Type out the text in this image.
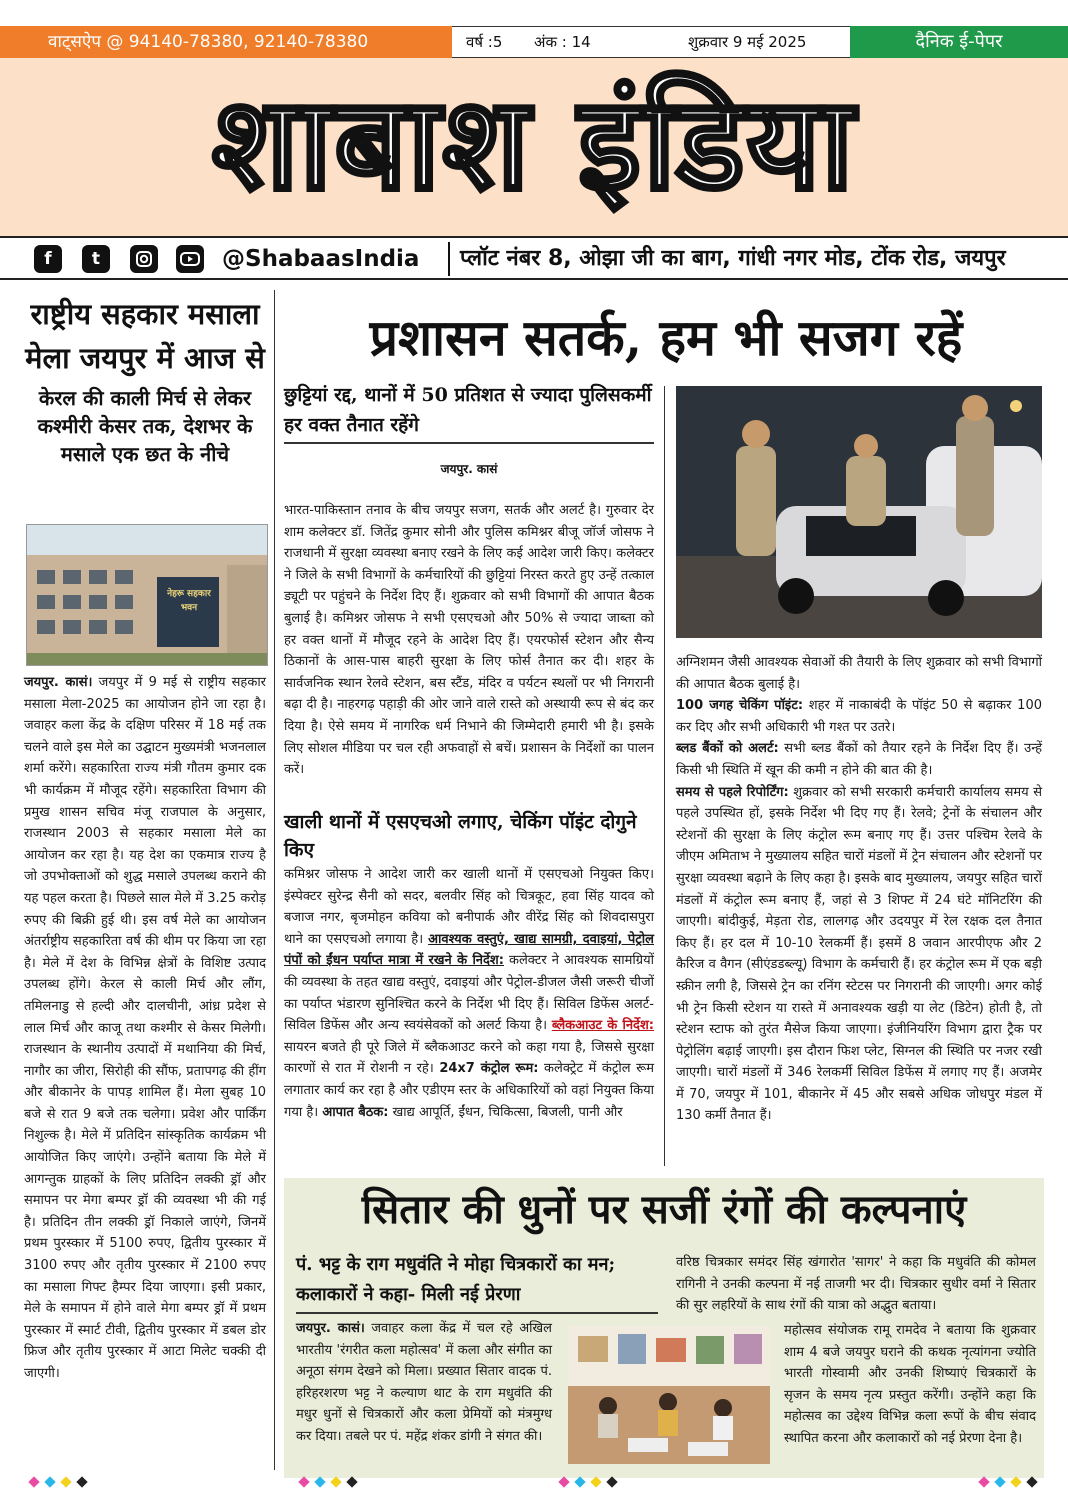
वाट्सऐप @ 94140-78380, 92140-78380	वर्ष :5 अंक : 14	शुक्रवार 9 मई 2025	दैनिक ई-पेपर
शाबाश इंडिया
f	t	@ShabaasIndia	प्लॉट नंबर 8, ओझा जी का बाग, गांधी नगर मोड, टोंक रोड, जयपुर
राष्ट्रीय सहकार मसाला मेला जयपुर में आज से
केरल की काली मिर्च से लेकर कश्मीरी केसर तक, देशभर के मसाले एक छत के नीचे
नेहरू सहकार भवन
जयपुर. कासं। जयपुर में 9 मई से राष्ट्रीय सहकार मसाला मेला-2025 का आयोजन होने जा रहा है। जवाहर कला केंद्र के दक्षिण परिसर में 18 मई तक चलने वाले इस मेले का उद्घाटन मुख्यमंत्री भजनलाल शर्मा करेंगे। सहकारिता राज्य मंत्री गौतम कुमार दक भी कार्यक्रम में मौजूद रहेंगे। सहकारिता विभाग की प्रमुख शासन सचिव मंजू राजपाल के अनुसार, राजस्थान 2003 से सहकार मसाला मेले का आयोजन कर रहा है। यह देश का एकमात्र राज्य है जो उपभोक्ताओं को शुद्ध मसाले उपलब्ध कराने की यह पहल करता है। पिछले साल मेले में 3.25 करोड़ रुपए की बिक्री हुई थी। इस वर्ष मेले का आयोजन अंतर्राष्ट्रीय सहकारिता वर्ष की थीम पर किया जा रहा है। मेले में देश के विभिन्न क्षेत्रों के विशिष्ट उत्पाद उपलब्ध होंगे। केरल से काली मिर्च और लौंग, तमिलनाडु से हल्दी और दालचीनी, आंध्र प्रदेश से लाल मिर्च और काजू तथा कश्मीर से केसर मिलेगी। राजस्थान के स्थानीय उत्पादों में मथानिया की मिर्च, नागौर का जीरा, सिरोही की सौंफ, प्रतापगढ़ की हींग और बीकानेर के पापड़ शामिल हैं। मेला सुबह 10 बजे से रात 9 बजे तक चलेगा। प्रवेश और पार्किंग निशुल्क है। मेले में प्रतिदिन सांस्कृतिक कार्यक्रम भी आयोजित किए जाएंगे। उन्होंने बताया कि मेले में आगन्तुक ग्राहकों के लिए प्रतिदिन लक्की ड्रॉ और समापन पर मेगा बम्पर ड्रॉ की व्यवस्था भी की गई है। प्रतिदिन तीन लक्की ड्रॉ निकाले जाएंगे, जिनमें प्रथम पुरस्कार में 5100 रुपए, द्वितीय पुरस्कार में 3100 रुपए और तृतीय पुरस्कार में 2100 रुपए का मसाला गिफ्ट हैम्पर दिया जाएगा। इसी प्रकार, मेले के समापन में होने वाले मेगा बम्पर ड्रॉ में प्रथम पुरस्कार में स्मार्ट टीवी, द्वितीय पुरस्कार में डबल डोर फ्रिज और तृतीय पुरस्कार में आटा मिलेट चक्की दी जाएगी।
प्रशासन सतर्क, हम भी सजग रहें
छुट्टियां रद्द, थानों में 50 प्रतिशत से ज्यादा पुलिसकर्मी हर वक्त तैनात रहेंगे
जयपुर. कासं
भारत-पाकिस्तान तनाव के बीच जयपुर सजग, सतर्क और अलर्ट है। गुरुवार देर शाम कलेक्टर डॉ. जितेंद्र कुमार सोनी और पुलिस कमिश्नर बीजू जॉर्ज जोसफ ने राजधानी में सुरक्षा व्यवस्था बनाए रखने के लिए कई आदेश जारी किए। कलेक्टर ने जिले के सभी विभागों के कर्मचारियों की छुट्टियां निरस्त करते हुए उन्हें तत्काल ड्यूटी पर पहुंचने के निर्देश दिए हैं। शुक्रवार को सभी विभागों की आपात बैठक बुलाई है। कमिश्नर जोसफ ने सभी एसएचओ और 50% से ज्यादा जाब्ता को हर वक्त थानों में मौजूद रहने के आदेश दिए हैं। एयरफोर्स स्टेशन और सैन्य ठिकानों के आस-पास बाहरी सुरक्षा के लिए फोर्स तैनात कर दी। शहर के सार्वजनिक स्थान रेलवे स्टेशन, बस स्टैंड, मंदिर व पर्यटन स्थलों पर भी निगरानी बढ़ा दी है। नाहरगढ़ पहाड़ी की ओर जाने वाले रास्ते को अस्थायी रूप से बंद कर दिया है। ऐसे समय में नागरिक धर्म निभाने की जिम्मेदारी हमारी भी है। इसके लिए सोशल मीडिया पर चल रही अफवाहों से बचें। प्रशासन के निर्देशों का पालन करें।
खाली थानों में एसएचओ लगाए, चेकिंग पॉइंट दोगुने किए
कमिश्नर जोसफ ने आदेश जारी कर खाली थानों में एसएचओ नियुक्त किए। इंस्पेक्टर सुरेन्द्र सैनी को सदर, बलवीर सिंह को चित्रकूट, हवा सिंह यादव को बजाज नगर, बृजमोहन कविया को बनीपार्क और वीरेंद्र सिंह को शिवदासपुरा थाने का एसएचओ लगाया है। आवश्यक वस्तुएं, खाद्य सामग्री, दवाइयां, पेट्रोल पंपों को ईंधन पर्याप्त मात्रा में रखने के निर्देश: कलेक्टर ने आवश्यक सामग्रियों की व्यवस्था के तहत खाद्य वस्तुएं, दवाइयां और पेट्रोल-डीजल जैसी जरूरी चीजों का पर्याप्त भंडारण सुनिश्चित करने के निर्देश भी दिए हैं। सिविल डिफेंस अलर्ट- सिविल डिफेंस और अन्य स्वयंसेवकों को अलर्ट किया है। ब्लैकआउट के निर्देश: सायरन बजते ही पूरे जिले में ब्लैकआउट करने को कहा गया है, जिससे सुरक्षा कारणों से रात में रोशनी न रहे। 24x7 कंट्रोल रूम: कलेक्ट्रेट में कंट्रोल रूम लगातार कार्य कर रहा है और एडीएम स्तर के अधिकारियों को वहां नियुक्त किया गया है। आपात बैठक: खाद्य आपूर्ति, ईंधन, चिकित्सा, बिजली, पानी और
अग्निशमन जैसी आवश्यक सेवाओं की तैयारी के लिए शुक्रवार को सभी विभागों की आपात बैठक बुलाई है।
100 जगह चेकिंग पॉइंट: शहर में नाकाबंदी के पॉइंट 50 से बढ़ाकर 100 कर दिए और सभी अधिकारी भी गश्त पर उतरे।
ब्लड बैंकों को अलर्ट: सभी ब्लड बैंकों को तैयार रहने के निर्देश दिए हैं। उन्हें किसी भी स्थिति में खून की कमी न होने की बात की है।
समय से पहले रिपोर्टिंग: शुक्रवार को सभी सरकारी कर्मचारी कार्यालय समय से पहले उपस्थित हों, इसके निर्देश भी दिए गए हैं। रेलवे; ट्रेनों के संचालन और स्टेशनों की सुरक्षा के लिए कंट्रोल रूम बनाए गए हैं। उत्तर पश्चिम रेलवे के जीएम अमिताभ ने मुख्यालय सहित चारों मंडलों में ट्रेन संचालन और स्टेशनों पर सुरक्षा व्यवस्था बढ़ाने के लिए कहा है। इसके बाद मुख्यालय, जयपुर सहित चारों मंडलों में कंट्रोल रूम बनाए हैं, जहां से 3 शिफ्ट में 24 घंटे मॉनिटरिंग की जाएगी। बांदीकुई, मेड़ता रोड, लालगढ़ और उदयपुर में रेल रक्षक दल तैनात किए हैं। हर दल में 10-10 रेलकर्मी हैं। इसमें 8 जवान आरपीएफ और 2 कैरिज व वैगन (सीएंडडब्ल्यू) विभाग के कर्मचारी हैं। हर कंट्रोल रूम में एक बड़ी स्क्रीन लगी है, जिससे ट्रेन का रनिंग स्टेटस पर निगरानी की जाएगी। अगर कोई भी ट्रेन किसी स्टेशन या रास्ते में अनावश्यक खड़ी या लेट (डिटेन) होती है, तो स्टेशन स्टाफ को तुरंत मैसेज किया जाएगा। इंजीनियरिंग विभाग द्वारा ट्रैक पर पेट्रोलिंग बढ़ाई जाएगी। इस दौरान फिश प्लेट, सिग्नल की स्थिति पर नजर रखी जाएगी। चारों मंडलों में 346 रेलकर्मी सिविल डिफेंस में लगाए गए हैं। अजमेर में 70, जयपुर में 101, बीकानेर में 45 और सबसे अधिक जोधपुर मंडल में 130 कर्मी तैनात हैं।
सितार की धुनों पर सजीं रंगों की कल्पनाएं
पं. भट्ट के राग मधुवंति ने मोहा चित्रकारों का मन; कलाकारों ने कहा- मिली नई प्रेरणा
जयपुर. कासं। जवाहर कला केंद्र में चल रहे अखिल भारतीय 'रंगरीत कला महोत्सव' में कला और संगीत का अनूठा संगम देखने को मिला। प्रख्यात सितार वादक पं. हरिहरशरण भट्ट ने कल्याण थाट के राग मधुवंति की मधुर धुनों से चित्रकारों और कला प्रेमियों को मंत्रमुग्ध कर दिया। तबले पर पं. महेंद्र शंकर डांगी ने संगत की।
वरिष्ठ चित्रकार समंदर सिंह खंगारोत 'सागर' ने कहा कि मधुवंति की कोमल रागिनी ने उनकी कल्पना में नई ताजगी भर दी। चित्रकार सुधीर वर्मा ने सितार की सुर लहरियों के साथ रंगों की यात्रा को अद्भुत बताया।
महोत्सव संयोजक रामू रामदेव ने बताया कि शुक्रवार शाम 4 बजे जयपुर घराने की कथक नृत्यांगना ज्योति भारती गोस्वामी और उनकी शिष्याएं चित्रकारों के सृजन के समय नृत्य प्रस्तुत करेंगी। उन्होंने कहा कि महोत्सव का उद्देश्य विभिन्न कला रूपों के बीच संवाद स्थापित करना और कलाकारों को नई प्रेरणा देना है।
